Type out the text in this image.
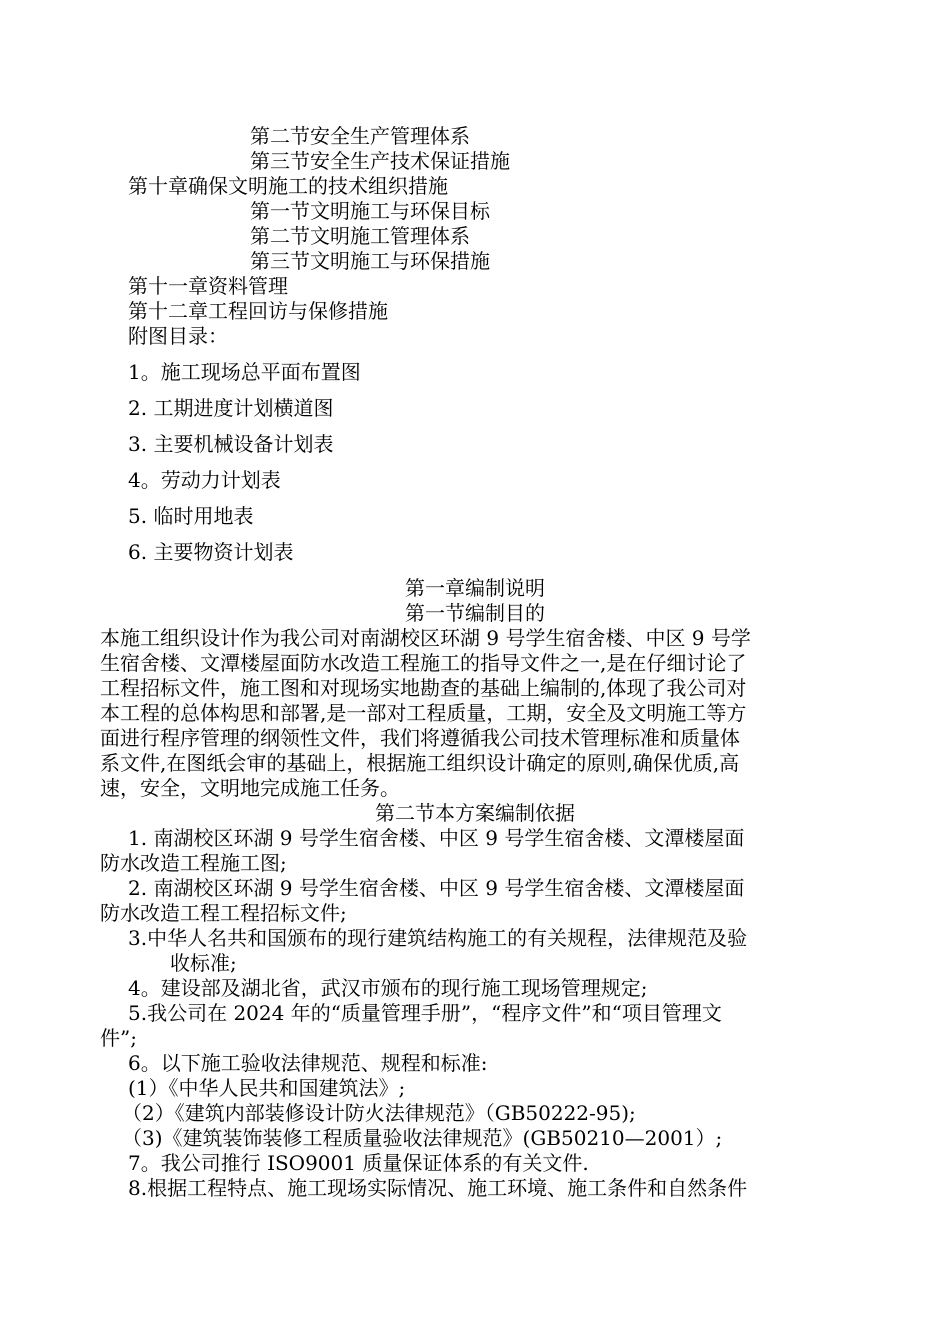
第二节安全生产管理体系
第三节安全生产技术保证措施
第十章确保文明施工的技术组织措施
第一节文明施工与环保目标
第二节文明施工管理体系
第三节文明施工与环保措施
第十一章资料管理
第十二章工程回访与保修措施
附图目录：
1。施工现场总平面布置图
2. 工期进度计划横道图
3. 主要机械设备计划表
4。劳动力计划表
5. 临时用地表
6. 主要物资计划表
第一章编制说明
第一节编制目的
本施工组织设计作为我公司对南湖校区环湖 9 号学生宿舍楼、中区 9 号学
生宿舍楼、文潭楼屋面防水改造工程施工的指导文件之一,是在仔细讨论了
工程招标文件，施工图和对现场实地勘查的基础上编制的,体现了我公司对
本工程的总体构思和部署,是一部对工程质量，工期，安全及文明施工等方
面进行程序管理的纲领性文件，我们将遵循我公司技术管理标准和质量体
系文件,在图纸会审的基础上，根据施工组织设计确定的原则,确保优质,高
速，安全，文明地完成施工任务。
第二节本方案编制依据
1. 南湖校区环湖 9 号学生宿舍楼、中区 9 号学生宿舍楼、文潭楼屋面
防水改造工程施工图;
2. 南湖校区环湖 9 号学生宿舍楼、中区 9 号学生宿舍楼、文潭楼屋面
防水改造工程工程招标文件;
3.中华人名共和国颁布的现行建筑结构施工的有关规程，法律规范及验
收标准;
4。建设部及湖北省，武汉市颁布的现行施工现场管理规定;
5.我公司在 2024 年的“质量管理手册”，“程序文件”和“项目管理文
件”;
6。以下施工验收法律规范、规程和标准:
(1）《中华人民共和国建筑法》;
（2）《建筑内部装修设计防火法律规范》（GB50222-95);
（3)《建筑装饰装修工程质量验收法律规范》(GB50210—2001）;
7。我公司推行 ISO9001 质量保证体系的有关文件.
8.根据工程特点、施工现场实际情况、施工环境、施工条件和自然条件
